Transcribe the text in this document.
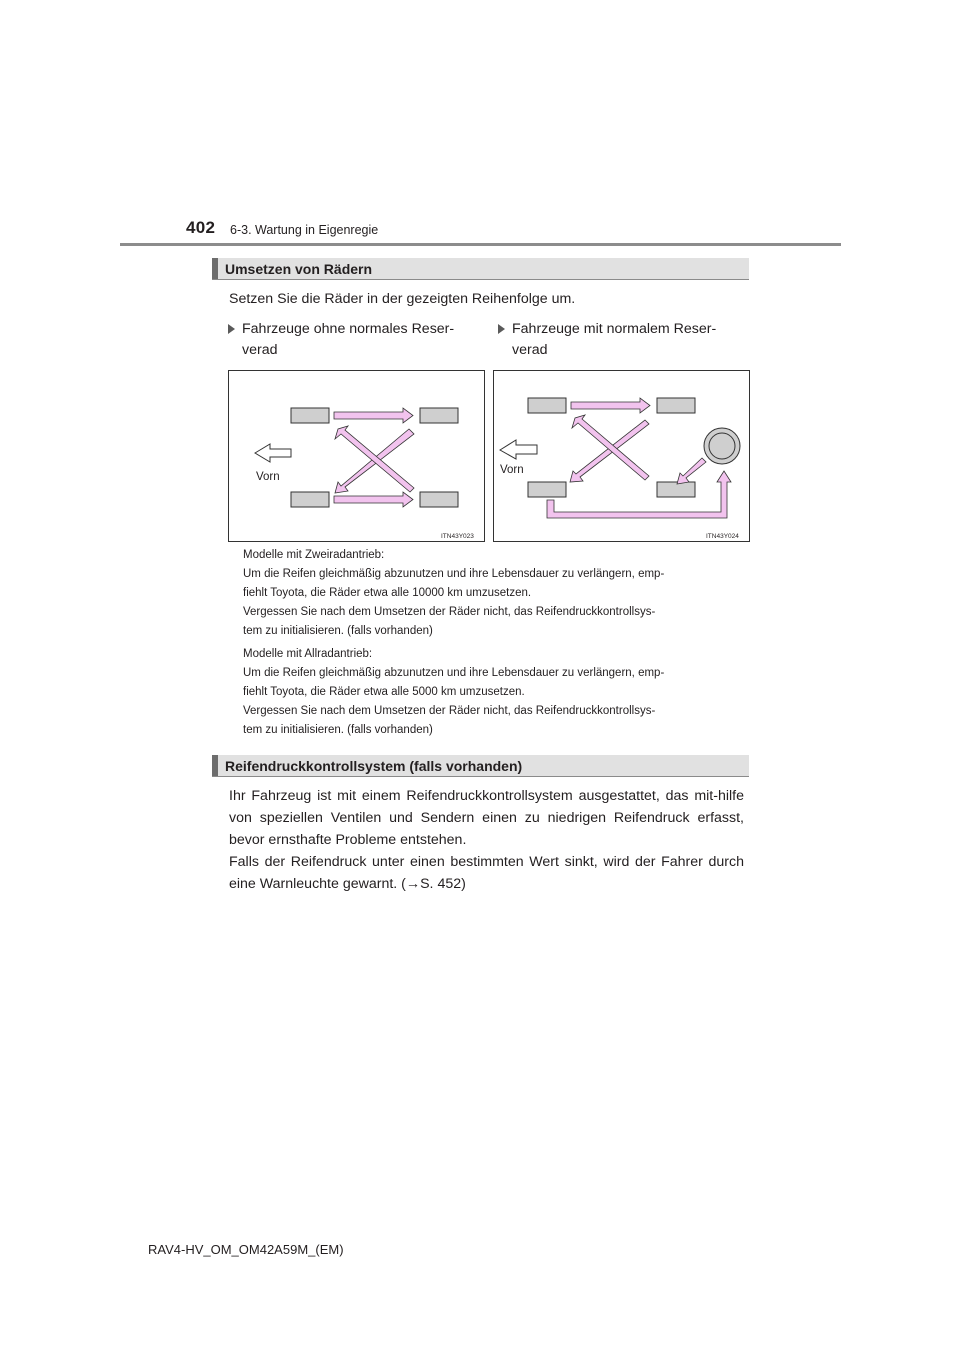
402 6-3. Wartung in Eigenregie
Umsetzen von Rädern
Setzen Sie die Räder in der gezeigten Reihenfolge um.
Fahrzeuge ohne normales Reser-
verad
Fahrzeuge mit normalem Reser-
verad
Vorn
ITN43Y023
Vorn
ITN43Y024

Modelle mit Zweiradantrieb:

Um die Reifen gleichmäßig abzunutzen und ihre Lebensdauer zu verlängern, emp-

fiehlt Toyota, die Räder etwa alle 10000 km umzusetzen.

Vergessen Sie nach dem Umsetzen der Räder nicht, das Reifendruckkontrollsys-

tem zu initialisieren. (falls vorhanden)

Modelle mit Allradantrieb:

Um die Reifen gleichmäßig abzunutzen und ihre Lebensdauer zu verlängern, emp-

fiehlt Toyota, die Räder etwa alle 5000 km umzusetzen.

Vergessen Sie nach dem Umsetzen der Räder nicht, das Reifendruckkontrollsys-

tem zu initialisieren. (falls vorhanden)

Reifendruckkontrollsystem (falls vorhanden)
Ihr Fahrzeug ist mit einem Reifendruckkontrollsystem ausgestattet, das mit-hilfe von speziellen Ventilen und Sendern einen zu niedrigen Reifendruck erfasst, bevor ernsthafte Probleme entstehen.
Falls der Reifendruck unter einen bestimmten Wert sinkt, wird der Fahrer durch eine Warnleuchte gewarnt. (→S. 452)
RAV4-HV_OM_OM42A59M_(EM)
